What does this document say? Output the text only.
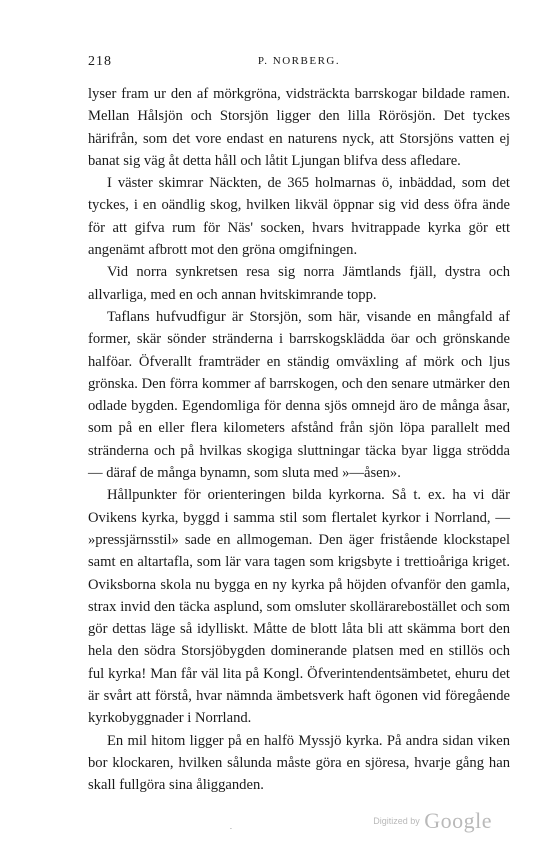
218	P. NORBERG.

lyser fram ur den af mörkgröna, vidsträckta barrskogar bildade ramen. Mellan Hålsjön och Storsjön ligger den lilla Rörösjön. Det tyckes härifrån, som det vore endast en naturens nyck, att Storsjöns vatten ej banat sig väg åt detta håll och låtit Ljungan blifva dess afledare.

I väster skimrar Näckten, de 365 holmarnas ö, inbäddad, som det tyckes, i en oändlig skog, hvilken likväl öppnar sig vid dess öfra ände för att gifva rum för Näs' socken, hvars hvitrappade kyrka gör ett angenämt afbrott mot den gröna omgifningen.

Vid norra synkretsen resa sig norra Jämtlands fjäll, dystra och allvarliga, med en och annan hvitskimrande topp.

Taflans hufvudfigur är Storsjön, som här, visande en mångfald af former, skär sönder stränderna i barrskogsklädda öar och grönskande halföar. Öfverallt framträder en ständig omväxling af mörk och ljus grönska. Den förra kommer af barrskogen, och den senare utmärker den odlade bygden. Egendomliga för denna sjös omnejd äro de många åsar, som på en eller flera kilometers afstånd från sjön löpa parallelt med stränderna och på hvilkas skogiga sluttningar täcka byar ligga strödda — däraf de många bynamn, som sluta med »—åsen».

Hållpunkter för orienteringen bilda kyrkorna. Så t. ex. ha vi där Ovikens kyrka, byggd i samma stil som flertalet kyrkor i Norrland, — »pressjärnsstil» sade en allmogeman. Den äger fristående klockstapel samt en altartafla, som lär vara tagen som krigsbyte i trettioåriga kriget. Oviksborna skola nu bygga en ny kyrka på höjden ofvanför den gamla, strax invid den täcka asplund, som omsluter skollärarebostället och som gör dettas läge så idylliskt. Måtte de blott låta bli att skämma bort den hela den södra Storsjöbygden dominerande platsen med en stillös och ful kyrka! Man får väl lita på Kongl. Öfverintendentsämbetet, ehuru det är svårt att förstå, hvar nämnda ämbetsverk haft ögonen vid föregående kyrkobyggnader i Norrland.

En mil hitom ligger på en halfö Myssjö kyrka. På andra sidan viken bor klockaren, hvilken sålunda måste göra en sjöresa, hvarje gång han skall fullgöra sina åligganden.

.
Digitized by Google
